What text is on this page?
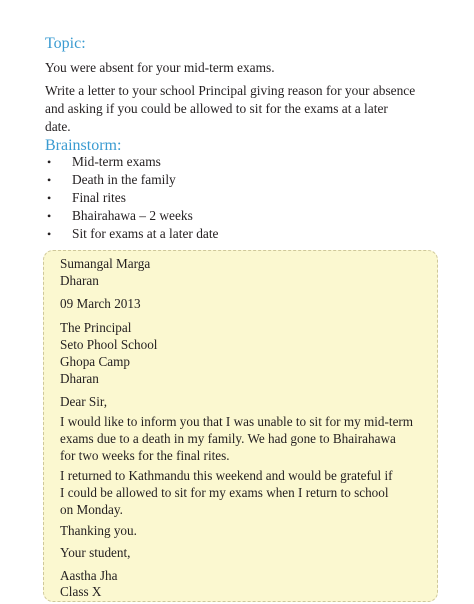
Topic:
You were absent for your mid-term exams.
Write a letter to your school Principal giving reason for your absence
and asking if you could be allowed to sit for the exams at a later
date.
Brainstorm:
• Mid-term exams
• Death in the family
• Final rites
• Bhairahawa – 2 weeks
• Sit for exams at a later date
Sumangal Marga
Dharan
09 March 2013
The Principal
Seto Phool School
Ghopa Camp
Dharan
Dear Sir,
I would like to inform you that I was unable to sit for my mid-term
exams due to a death in my family. We had gone to Bhairahawa
for two weeks for the final rites.
I returned to Kathmandu this weekend and would be grateful if
I could be allowed to sit for my exams when I return to school
on Monday.
Thanking you.
Your student,
Aastha Jha
Class X
